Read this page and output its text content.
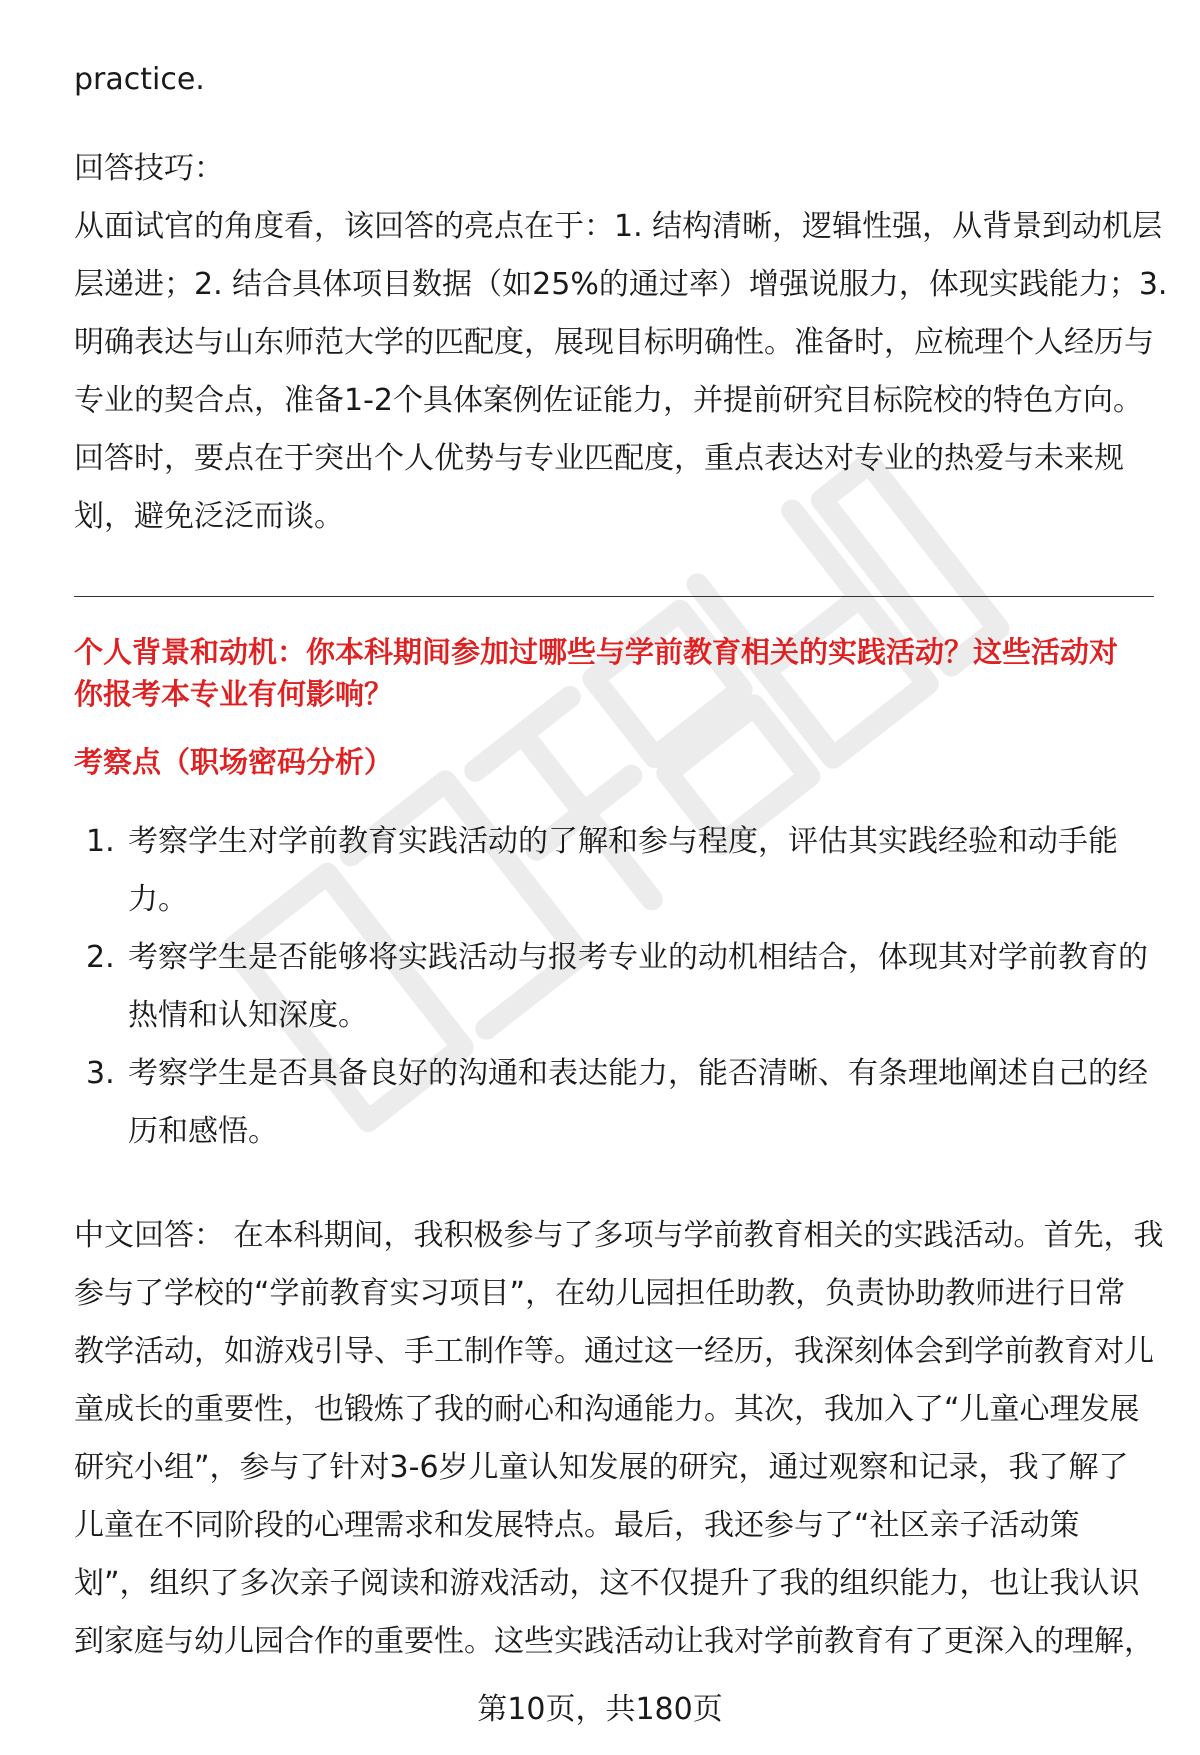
practice.

回答技巧：

从面试官的角度看，该回答的亮点在于：1. 结构清晰，逻辑性强，从背景到动机层

层递进；2. 结合具体项目数据（如25%的通过率）增强说服力，体现实践能力；3.

明确表达与山东师范大学的匹配度，展现目标明确性。准备时，应梳理个人经历与

专业的契合点，准备1-2个具体案例佐证能力，并提前研究目标院校的特色方向。

回答时，要点在于突出个人优势与专业匹配度，重点表达对专业的热爱与未来规

划，避免泛泛而谈。

个人背景和动机：你本科期间参加过哪些与学前教育相关的实践活动？这些活动对
你报考本专业有何影响？
考察点（职场密码分析）
1. 考察学生对学前教育实践活动的了解和参与程度，评估其实践经验和动手能

力。

2. 考察学生是否能够将实践活动与报考专业的动机相结合，体现其对学前教育的

热情和认知深度。

3. 考察学生是否具备良好的沟通和表达能力，能否清晰、有条理地阐述自己的经

历和感悟。

中文回答： 在本科期间，我积极参与了多项与学前教育相关的实践活动。首先，我

参与了学校的“学前教育实习项目”，在幼儿园担任助教，负责协助教师进行日常

教学活动，如游戏引导、手工制作等。通过这一经历，我深刻体会到学前教育对儿

童成长的重要性，也锻炼了我的耐心和沟通能力。其次，我加入了“儿童心理发展

研究小组”，参与了针对3-6岁儿童认知发展的研究，通过观察和记录，我了解了

儿童在不同阶段的心理需求和发展特点。最后，我还参与了“社区亲子活动策

划”，组织了多次亲子阅读和游戏活动，这不仅提升了我的组织能力，也让我认识

到家庭与幼儿园合作的重要性。这些实践活动让我对学前教育有了更深入的理解，

第10页，共180页
